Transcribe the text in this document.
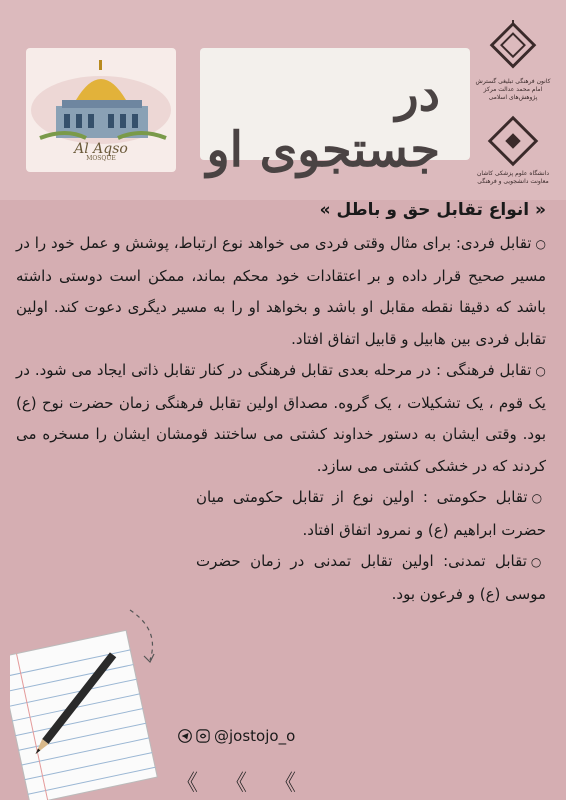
کانون فرهنگی تبلیغی گسترش امام محمد عدالت مرکز پژوهش‌های اسلامی
دانشگاه علوم پزشکی کاشان معاونت دانشجویی و فرهنگی
در جستجوی او
Al Aqso
MOSQUE

« انواع تقابل حق و باطل »

○تقابل فردی: برای مثال وقتی فردی می خواهد نوع ارتباط، پوشش و عمل خود را در مسیر صحیح قرار داده و بر اعتقادات خود محکم بماند، ممکن است دوستی داشته باشد که دقیقا نقطه مقابل او باشد و بخواهد او را به مسیر دیگری دعوت کند. اولین تقابل فردی بین هابیل و قابیل اتفاق افتاد.

○تقابل فرهنگی : در مرحله بعدی تقابل فرهنگی در کنار تقابل ذاتی ایجاد می شود. در یک قوم ، یک تشکیلات ، یک گروه. مصداق اولین تقابل فرهنگی زمان حضرت نوح (ع) بود. وقتی ایشان به دستور خداوند کشتی می ساختند قومشان ایشان را مسخره می کردند که در خشکی کشتی می سازد.

○تقابل حکومتی : اولین نوع از تقابل حکومتی میان حضرت ابراهیم (ع) و نمرود اتفاق افتاد.

○تقابل تمدنی: اولین تقابل تمدنی در زمان حضرت موسی (ع) و فرعون بود.

@jostojo_o
《 《 《
